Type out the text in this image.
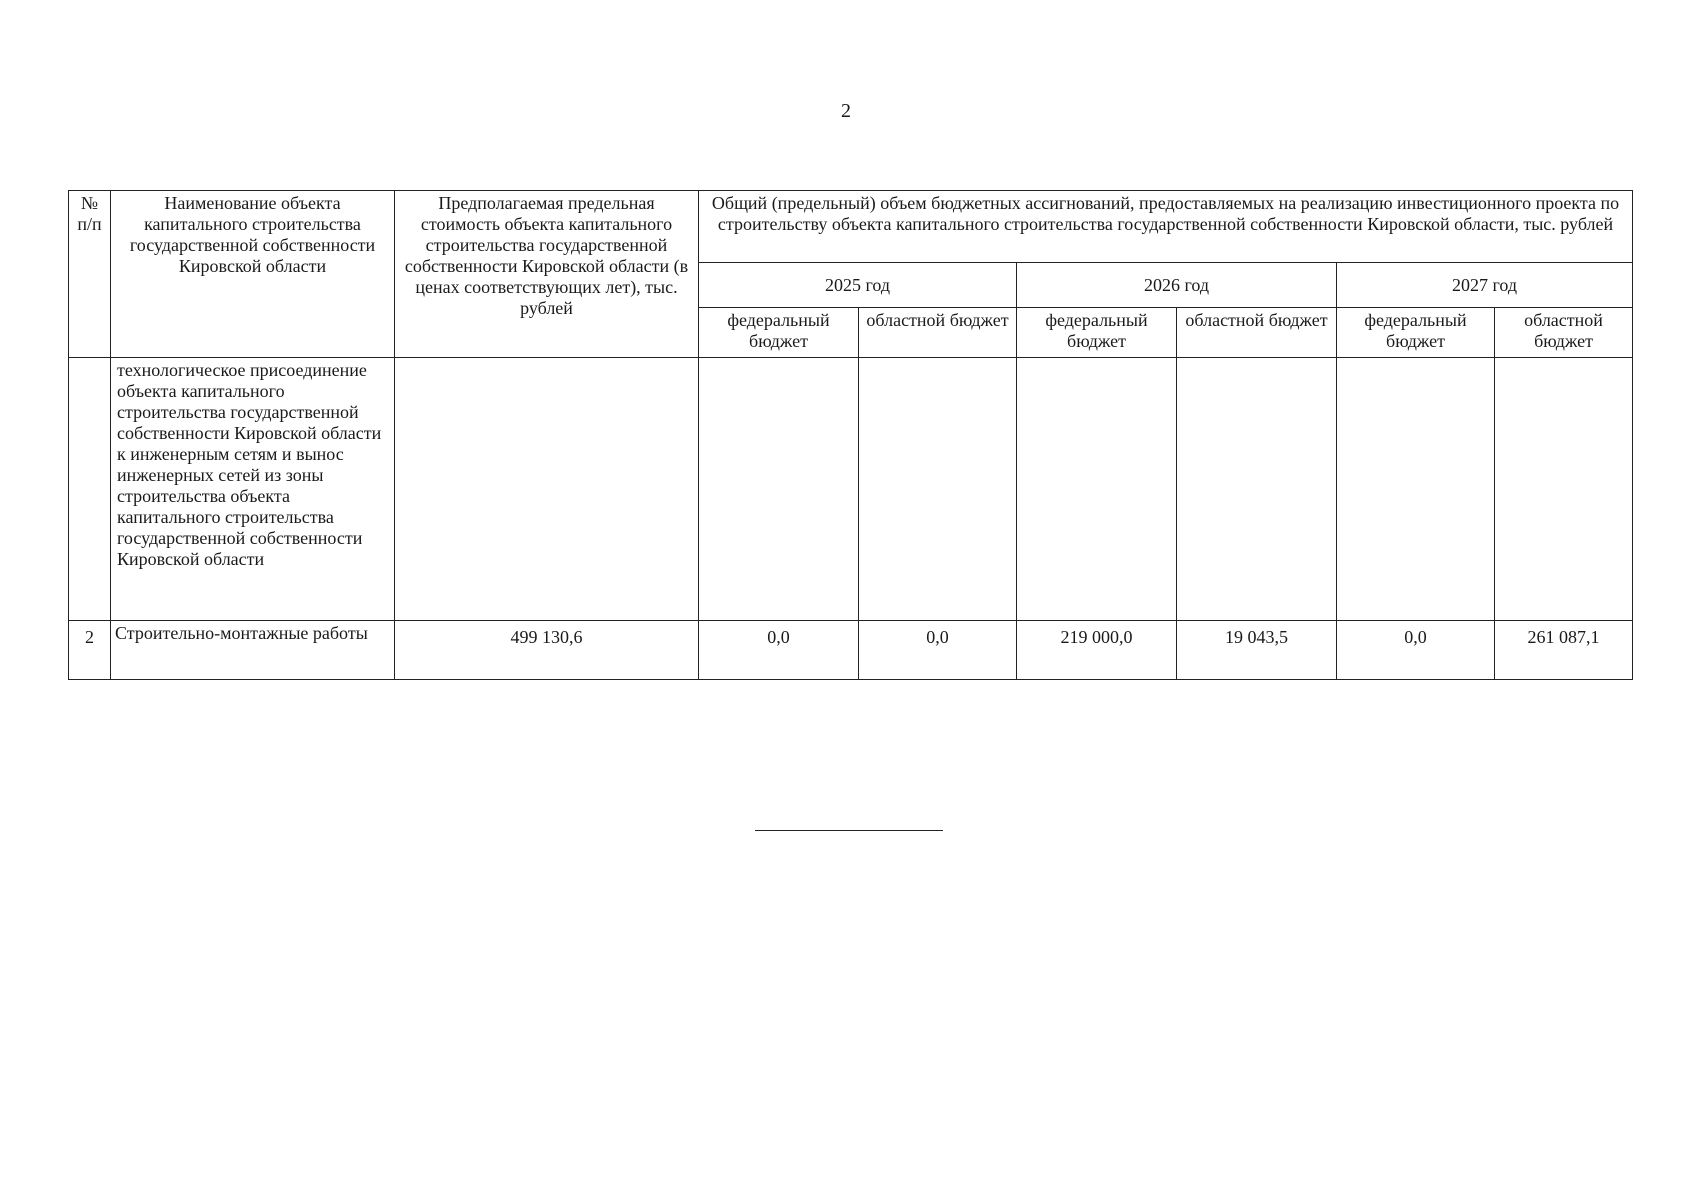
2
№ п/п	Наименование объекта капитального строительства государственной собственности Кировской области	Предполагаемая предельная стоимость объекта капитального строительства государственной собственности Кировской области (в ценах соответствующих лет), тыс. рублей	Общий (предельный) объем бюджетных ассигнований, предоставляемых на реализацию инвестиционного проекта по строительству объекта капитального строительства государственной собственности Кировской области, тыс. рублей					
			2025 год		2026 год		2027 год	
			федеральный бюджет	областной бюджет	федеральный бюджет	областной бюджет	федеральный бюджет	областной бюджет
	технологическое присоединение объекта капитального строительства государственной собственности Кировской области к инженерным сетям и вынос инженерных сетей из зоны строительства объекта капитального строительства государственной собственности Кировской области							
2	Строительно-монтажные работы	499 130,6	0,0	0,0	219 000,0	19 043,5	0,0	261 087,1
